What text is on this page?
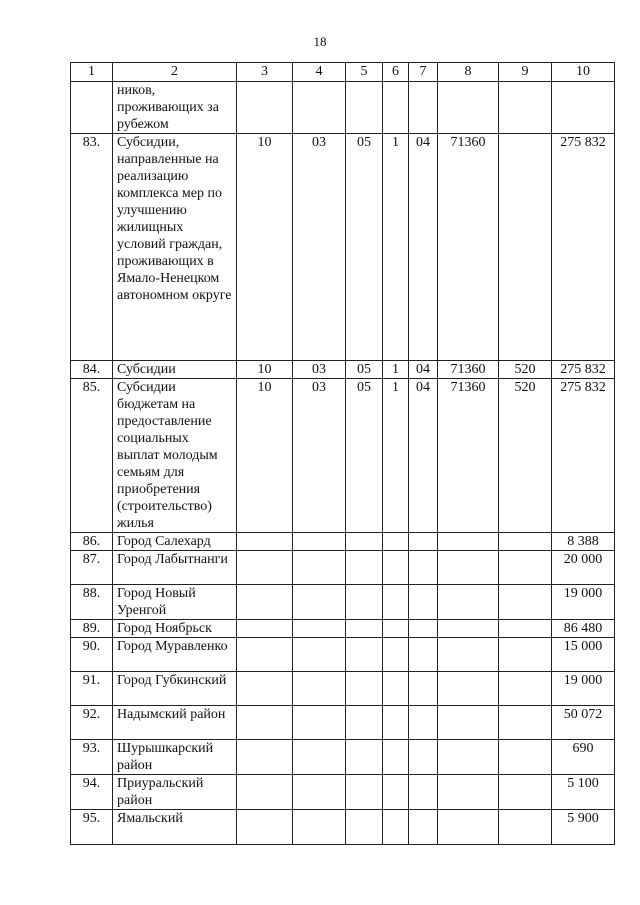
18
1	2	3	4	5	6	7	8	9	10
	ников, проживающих за рубежом								
83.	Субсидии, направленные на реализацию комплекса мер по улучшению жилищных условий граждан, проживающих в Ямало-Ненецком автономном округе	10	03	05	1	04	71360		275 832
84.	Субсидии	10	03	05	1	04	71360	520	275 832
85.	Субсидии бюджетам на предоставление социальных выплат молодым семьям для приобретения (строительство) жилья	10	03	05	1	04	71360	520	275 832
86.	Город Салехард								8 388
87.	Город Лабытнанги								20 000
88.	Город Новый Уренгой								19 000
89.	Город Ноябрьск								86 480
90.	Город Муравленко								15 000
91.	Город Губкинский								19 000
92.	Надымский район								50 072
93.	Шурышкарский район								690
94.	Приуральский район								5 100
95.	Ямальский								5 900
